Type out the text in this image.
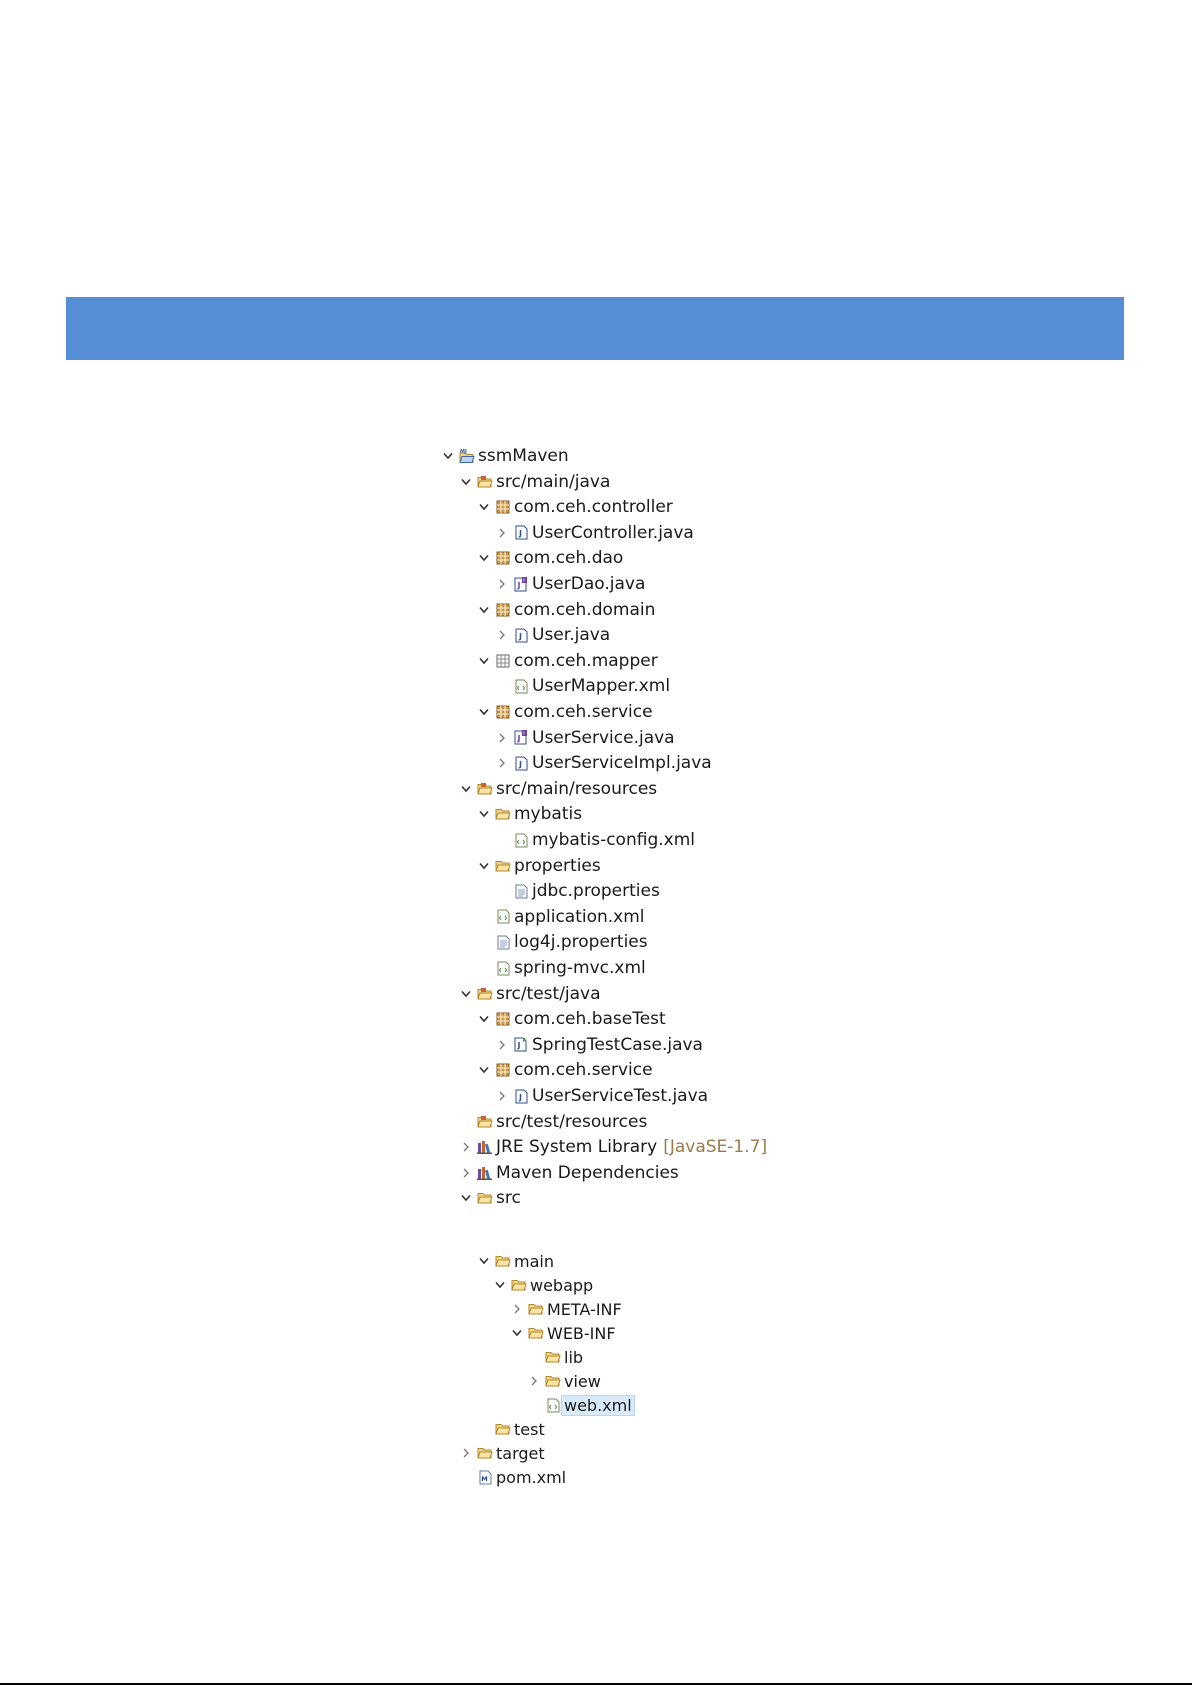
M J ssmMaven
src/main/java
com.ceh.controller
J UserController.java
com.ceh.dao
J I UserDao.java
com.ceh.domain
J User.java
com.ceh.mapper
UserMapper.xml
com.ceh.service
J I UserService.java
J UserServiceImpl.java
src/main/resources
mybatis
mybatis-config.xml
properties
jdbc.properties
application.xml
log4j.properties
spring-mvc.xml
src/test/java
com.ceh.baseTest
J A SpringTestCase.java
com.ceh.service
J UserServiceTest.java
src/test/resources
JRE System Library [JavaSE-1.7]
Maven Dependencies
src
main
webapp
META-INF
WEB-INF
lib
view
web.xml
test
target
M pom.xml
